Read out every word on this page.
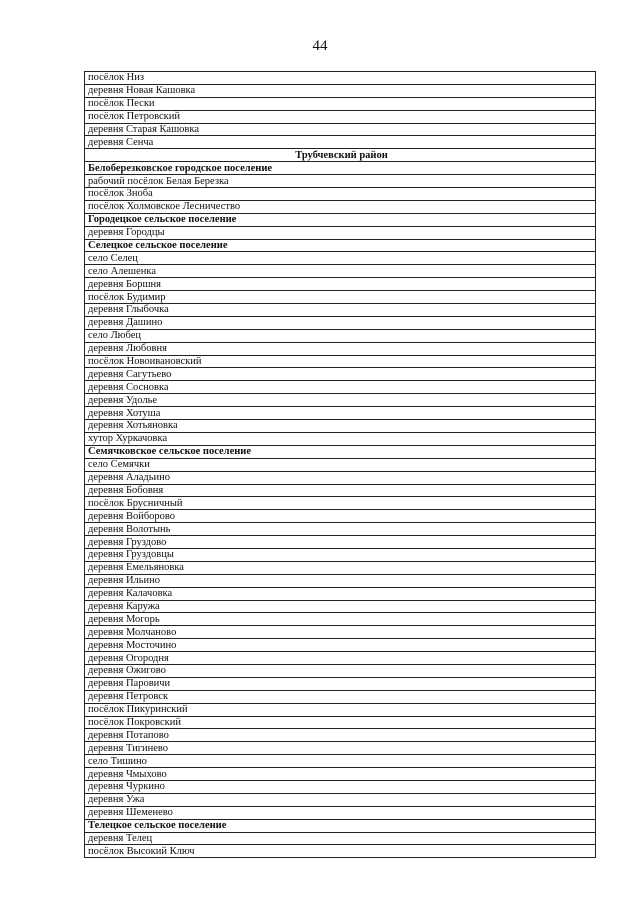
44
посёлок Низ
деревня Новая Кашовка
посёлок Пески
посёлок Петровский
деревня Старая Кашовка
деревня Сенча
Трубчевский район
Белоберезковское городское поселение
рабочий посёлок Белая Березка
посёлок Зноба
посёлок Холмовское Лесничество
Городецкое сельское поселение
деревня Городцы
Селецкое сельское поселение
село Селец
село Алешенка
деревня Боршня
посёлок Будимир
деревня Глыбочка
деревня Дашино
село Любец
деревня Любовня
посёлок Новоивановский
деревня Сагутьево
деревня Сосновка
деревня Удолье
деревня Хотуша
деревня Хотьяновка
хутор Хуркачовка
Семячковское сельское поселение
село Семячки
деревня Аладьино
деревня Бобовня
посёлок Брусничный
деревня Войборово
деревня Волотынь
деревня Груздово
деревня Груздовцы
деревня Емельяновка
деревня Ильино
деревня Калачовка
деревня Каружа
деревня Могорь
деревня Молчаново
деревня Мосточино
деревня Огородня
деревня Ожигово
деревня Паровичи
деревня Петровск
посёлок Пикуринский
посёлок Покровский
деревня Потапово
деревня Тигинево
село Тишино
деревня Чмыхово
деревня Чуркино
деревня Ужа
деревня Шеменево
Телецкое сельское поселение
деревня Телец
посёлок Высокий Ключ
